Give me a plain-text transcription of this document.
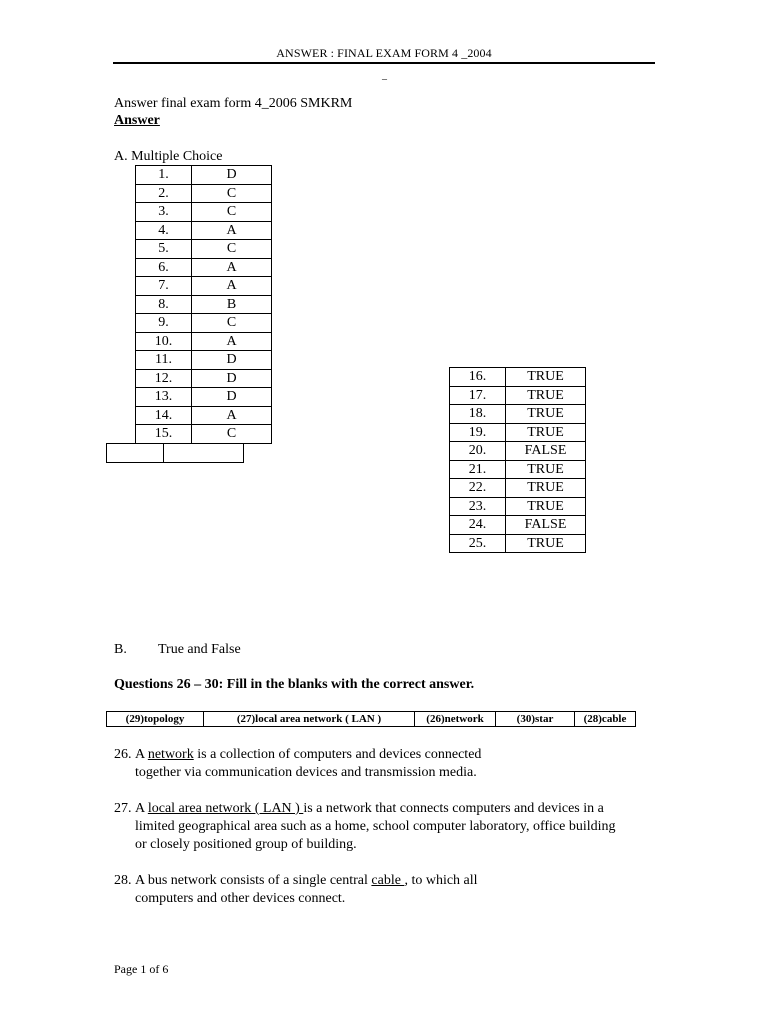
ANSWER : FINAL EXAM FORM 4 _2004
_
Answer final exam form 4_2006 SMKRM
Answer
A. Multiple Choice
1.	D
2.	C
3.	C
4.	A
5.	C
6.	A
7.	A
8.	B
9.	C
10.	A
11.	D
12.	D
13.	D
14.	A
15.	C

16.	TRUE
17.	TRUE
18.	TRUE
19.	TRUE
20.	FALSE
21.	TRUE
22.	TRUE
23.	TRUE
24.	FALSE
25.	TRUE
B. True and False
Questions 26 – 30: Fill in the blanks with the correct answer.
(29)topology	(27)local area network ( LAN )	(26)network	(30)star	(28)cable
26. A network is a collection of computers and devices connected
together via communication devices and transmission media.
27. A local area network ( LAN ) is a network that connects computers and devices in a
limited geographical area such as a home, school computer laboratory, office building
or closely positioned group of building.
28. A bus network consists of a single central cable , to which all
computers and other devices connect.
Page 1 of 6
